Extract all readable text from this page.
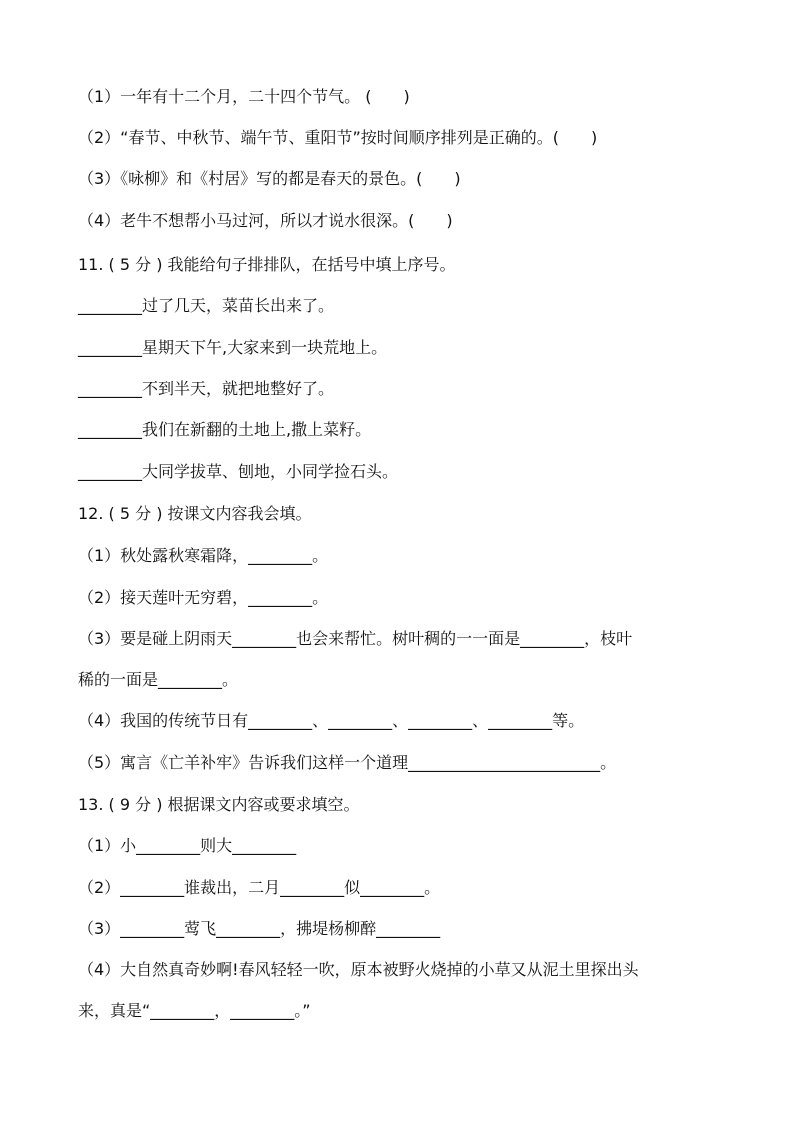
（1）一年有十二个月，二十四个节气。 (　　)
（2）“春节、中秋节、端午节、重阳节”按时间顺序排列是正确的。(　　)
（3）《咏柳》和《村居》写的都是春天的景色。(　　)
（4）老牛不想帮小马过河，所以才说水很深。(　　)
11. ( 5 分 ) 我能给句子排排队，在括号中填上序号。
________过了几天，菜苗长出来了。
________星期天下午,大家来到一块荒地上。
________不到半天，就把地整好了。
________我们在新翻的土地上,撒上菜籽。
________大同学拔草、刨地，小同学捡石头。
12. ( 5 分 ) 按课文内容我会填。
（1）秋处露秋寒霜降，________。
（2）接天莲叶无穷碧，________。
（3）要是碰上阴雨天________也会来帮忙。树叶稠的一一面是________，枝叶
稀的一面是________。
（4）我国的传统节日有________、________、________、________等。
（5）寓言《亡羊补牢》告诉我们这样一个道理________________________。
13. ( 9 分 ) 根据课文内容或要求填空。
（1）小________则大________
（2）________谁裁出，二月________似________。
（3）________莺飞________，拂堤杨柳醉________
（4）大自然真奇妙啊!春风轻轻一吹，原本被野火烧掉的小草又从泥土里探出头
来，真是“________，________。”
